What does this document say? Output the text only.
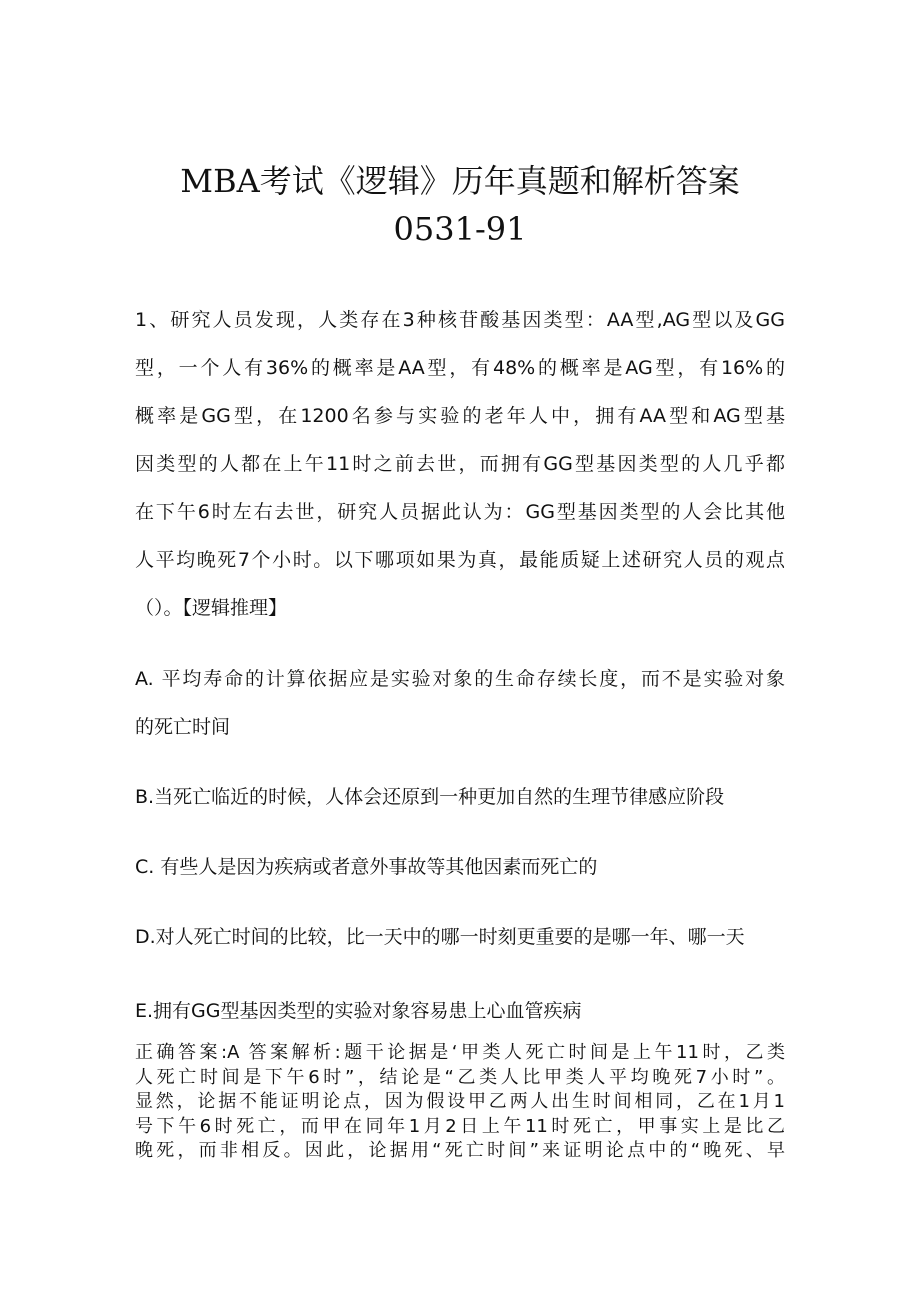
MBA考试《逻辑》历年真题和解析答案
0531-91
1、研究人员发现，人类存在3种核苷酸基因类型：AA型,AG型以及GG
型，一个人有36%的概率是AA型，有48%的概率是AG型，有16%的
概率是GG型，在1200名参与实验的老年人中，拥有AA型和AG型基
因类型的人都在上午11时之前去世，而拥有GG型基因类型的人几乎都
在下午6时左右去世，研究人员据此认为：GG型基因类型的人会比其他
人平均晚死7个小时。以下哪项如果为真，最能质疑上述研究人员的观点
（）。【逻辑推理】
A. 平均寿命的计算依据应是实验对象的生命存续长度，而不是实验对象
的死亡时间
B.当死亡临近的时候，人体会还原到一种更加自然的生理节律感应阶段
C. 有些人是因为疾病或者意外事故等其他因素而死亡的
D.对人死亡时间的比较，比一天中的哪一时刻更重要的是哪一年、哪一天
E.拥有GG型基因类型的实验对象容易患上心血管疾病
正确答案:A 答案解析:题干论据是‘甲类人死亡时间是上午11时，乙类
人死亡时间是下午6时”，结论是“乙类人比甲类人平均晚死7小时”。
显然，论据不能证明论点，因为假设甲乙两人出生时间相同，乙在1月1
号下午6时死亡，而甲在同年1月2日上午11时死亡，甲事实上是比乙
晚死，而非相反。因此，论据用“死亡时间”来证明论点中的“晚死、早
